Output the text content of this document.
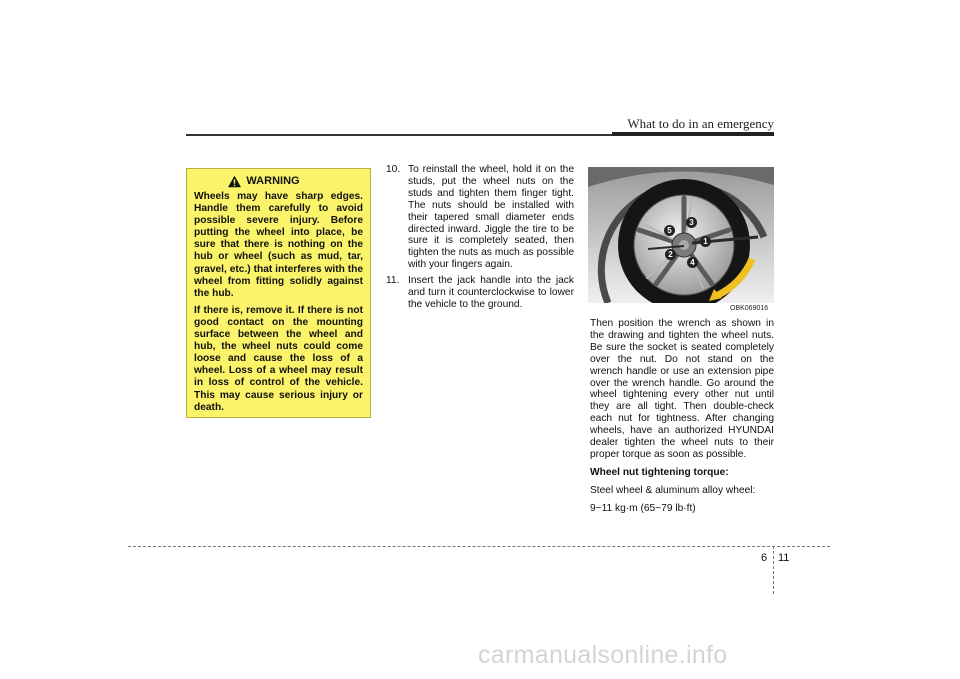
What to do in an emergency
WARNING

Wheels may have sharp edges. Handle them carefully to avoid possible severe injury. Before putting the wheel into place, be sure that there is nothing on the hub or wheel (such as mud, tar, gravel, etc.) that interferes with the wheel from fitting solidly against the hub.

If there is, remove it. If there is not good contact on the mounting surface between the wheel and hub, the wheel nuts could come loose and cause the loss of a wheel. Loss of a wheel may result in loss of control of the vehicle. This may cause serious injury or death.

10. To reinstall the wheel, hold it on the studs, put the wheel nuts on the studs and tighten them finger tight. The nuts should be installed with their tapered small diameter ends directed inward. Jiggle the tire to be sure it is completely seated, then tighten the nuts as much as possible with your fingers again.
11. Insert the jack handle into the jack and turn it counterclockwise to lower the vehicle to the ground.
3
5
1
2
4
OBK069016

Then position the wrench as shown in the drawing and tighten the wheel nuts. Be sure the socket is seated completely over the nut. Do not stand on the wrench handle or use an extension pipe over the wrench handle. Go around the wheel tightening every other nut until they are all tight. Then double-check each nut for tightness. After changing wheels, have an authorized HYUNDAI dealer tighten the wheel nuts to their proper torque as soon as possible.

Wheel nut tightening torque:

Steel wheel & aluminum alloy wheel:

9~11 kg·m (65~79 lb·ft)

6 11
carmanualsonline.info
